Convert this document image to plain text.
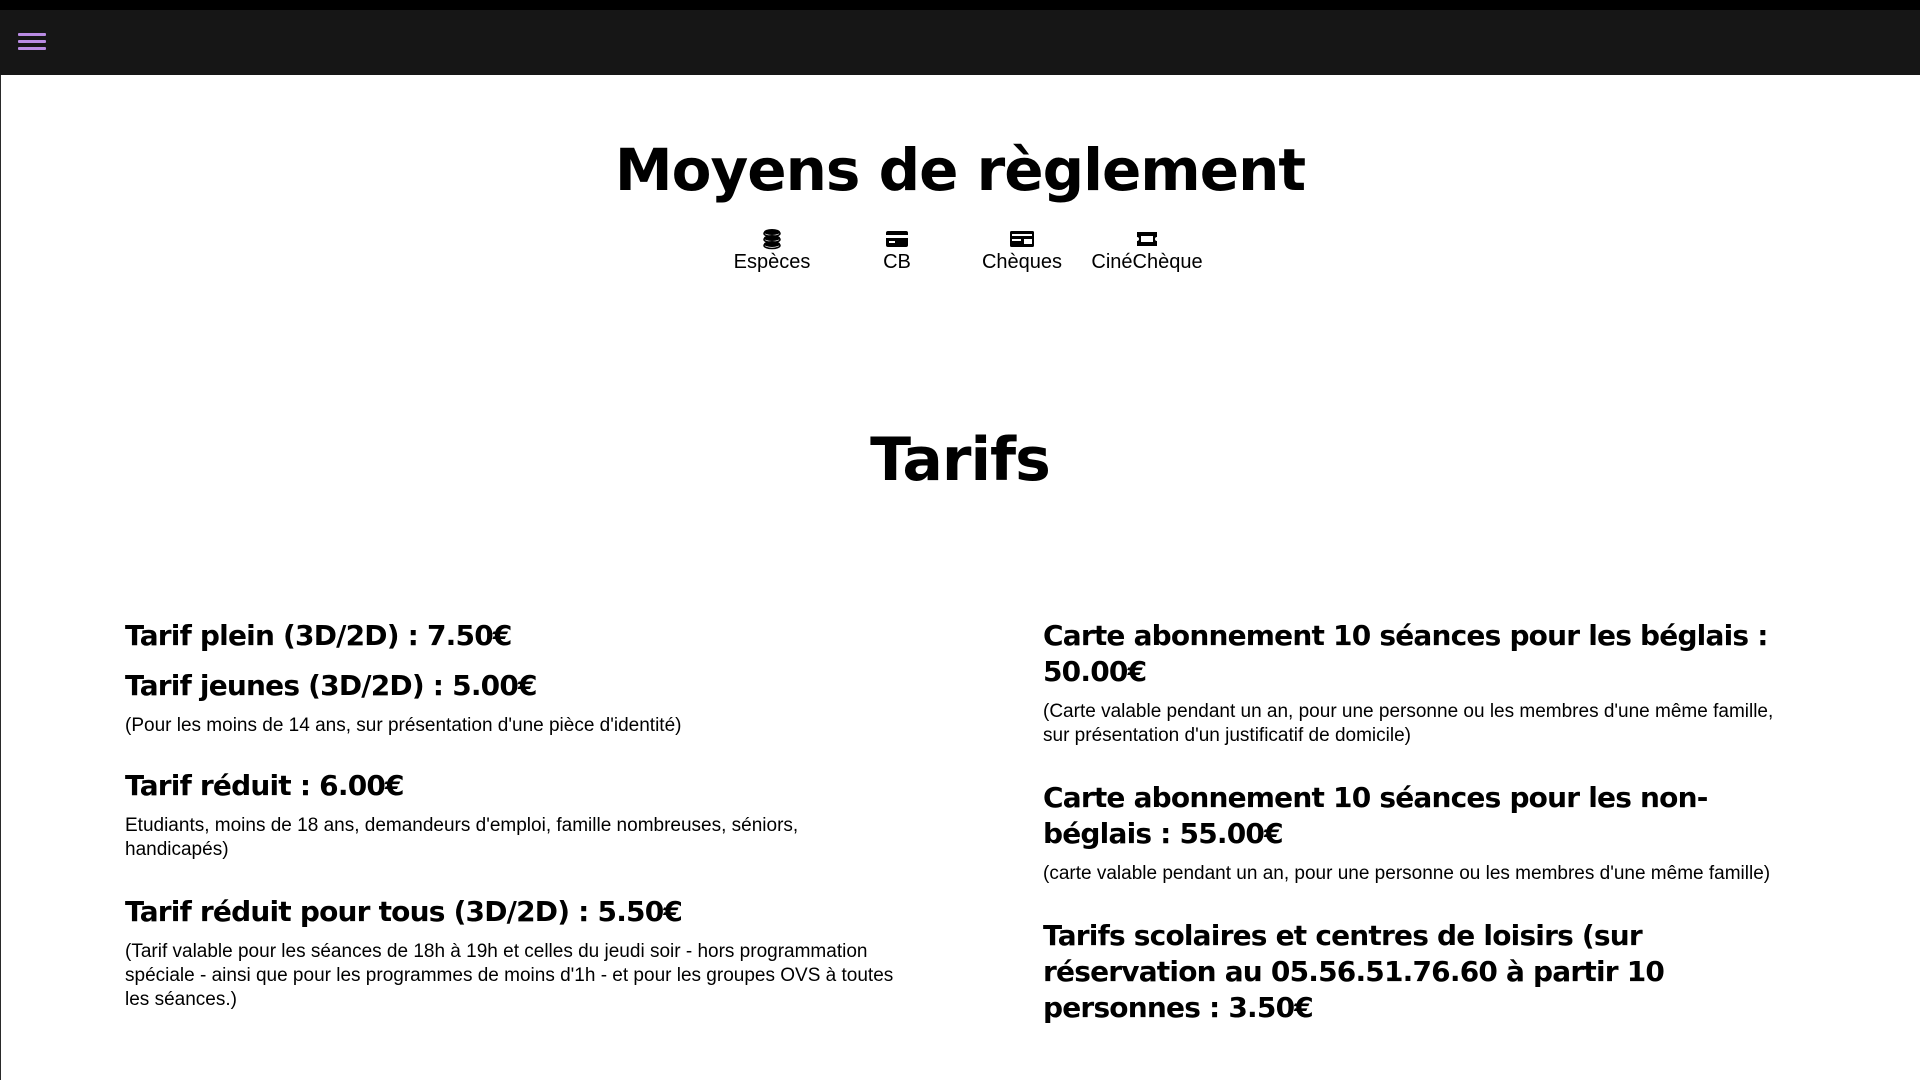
Moyens de règlement
Espèces	CB	Chèques	CinéChèque
Tarifs
Tarif plein (3D/2D) : 7.50€
Tarif jeunes (3D/2D) : 5.00€

(Pour les moins de 14 ans, sur présentation d'une pièce d'identité)

Tarif réduit : 6.00€

Etudiants, moins de 18 ans, demandeurs d'emploi, famille nombreuses, séniors, handicapés)

Tarif réduit pour tous (3D/2D) : 5.50€

(Tarif valable pour les séances de 18h à 19h et celles du jeudi soir - hors programmation spéciale - ainsi que pour les programmes de moins d'1h - et pour les groupes OVS à toutes les séances.)

Carte abonnement 10 séances pour les béglais : 50.00€

(Carte valable pendant un an, pour une personne ou les membres d'une même famille, sur présentation d'un justificatif de domicile)

Carte abonnement 10 séances pour les non-béglais : 55.00€

(carte valable pendant un an, pour une personne ou les membres d'une même famille)

Tarifs scolaires et centres de loisirs (sur réservation au 05.56.51.76.60 à partir 10 personnes : 3.50€
